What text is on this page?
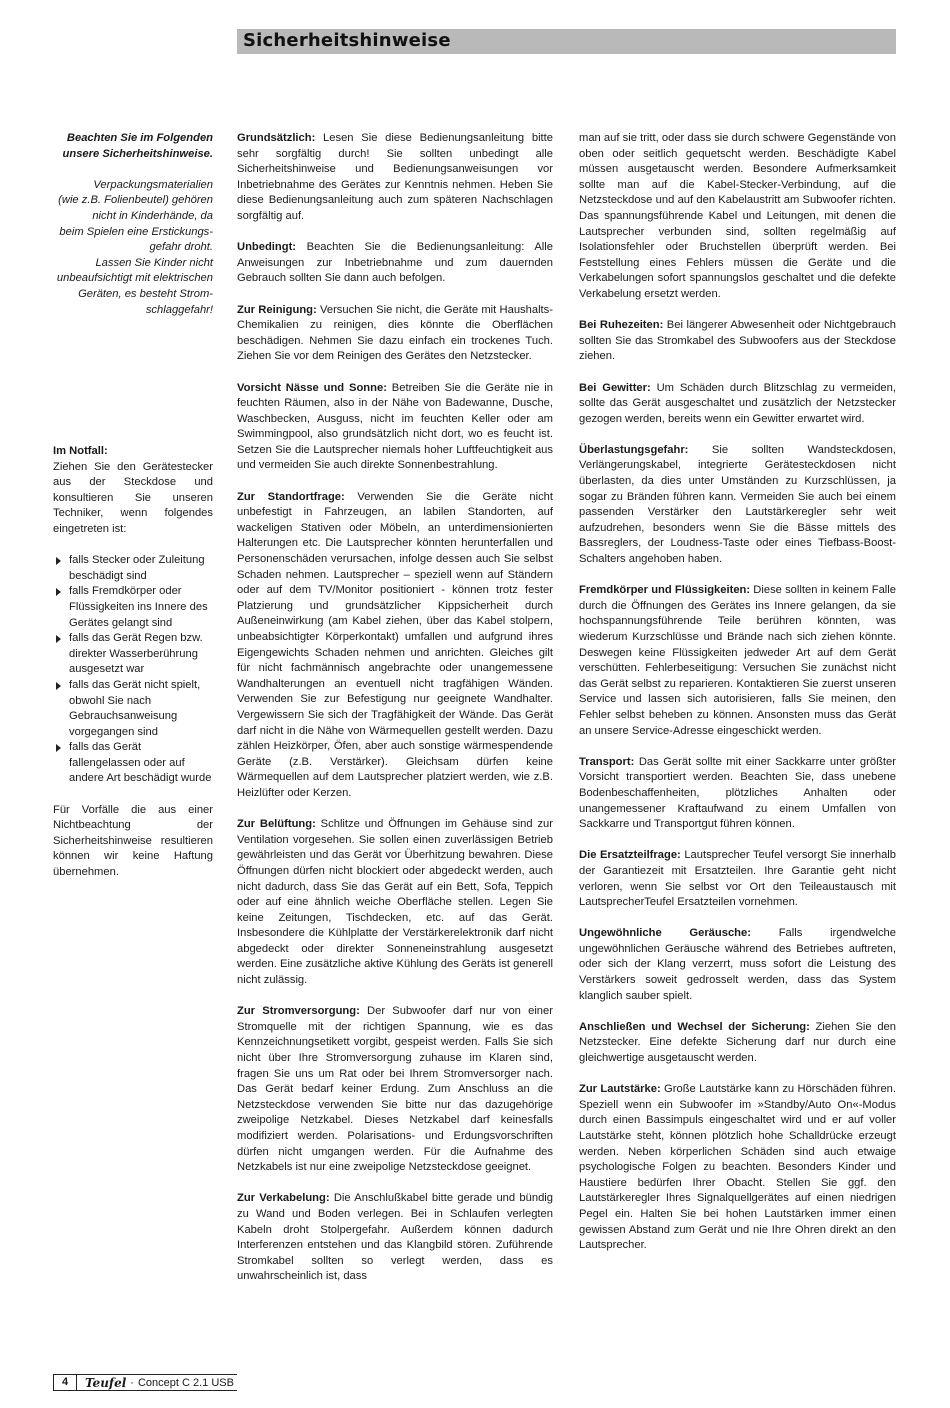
Sicherheitshinweise
Beachten Sie im Folgenden
unsere Sicherheitshinweise.
Verpackungsmaterialien
(wie z.B. Folienbeutel) gehören
nicht in Kinderhände, da
beim Spielen eine Erstickungs-
gefahr droht.
Lassen Sie Kinder nicht
unbeaufsichtigt mit elektrischen
Geräten, es besteht Strom-
schlaggefahr!
Im Notfall:

Ziehen Sie den Gerätestecker aus der Steckdose und konsultieren Sie unseren Techniker, wenn folgendes eingetreten ist:

falls Stecker oder Zuleitung beschädigt sind
falls Fremdkörper oder Flüssigkeiten ins Innere des Gerätes gelangt sind
falls das Gerät Regen bzw. direkter Wasserberührung ausgesetzt war
falls das Gerät nicht spielt, obwohl Sie nach Gebrauchsanweisung vorgegangen sind
falls das Gerät fallengelassen oder auf andere Art beschädigt wurde

Für Vorfälle die aus einer Nichtbeachtung der Sicherheitshinweise resultieren können wir keine Haftung übernehmen.

Grundsätzlich: Lesen Sie diese Bedienungsanleitung bitte sehr sorgfältig durch! Sie sollten unbedingt alle Sicherheitshinweise und Bedienungsanweisungen vor Inbetriebnahme des Gerätes zur Kenntnis nehmen. Heben Sie diese Bedienungsanleitung auch zum späteren Nachschlagen sorgfältig auf.

Unbedingt: Beachten Sie die Bedienungsanleitung: Alle Anweisungen zur Inbetriebnahme und zum dauernden Gebrauch sollten Sie dann auch befolgen.

Zur Reinigung: Versuchen Sie nicht, die Geräte mit Haushalts-Chemikalien zu reinigen, dies könnte die Oberflächen beschädigen. Nehmen Sie dazu einfach ein trockenes Tuch. Ziehen Sie vor dem Reinigen des Gerätes den Netzstecker.

Vorsicht Nässe und Sonne: Betreiben Sie die Geräte nie in feuchten Räumen, also in der Nähe von Badewanne, Dusche, Waschbecken, Ausguss, nicht im feuchten Keller oder am Swimmingpool, also grundsätzlich nicht dort, wo es feucht ist. Setzen Sie die Lautsprecher niemals hoher Luftfeuchtigkeit aus und vermeiden Sie auch direkte Sonnenbestrahlung.

Zur Standortfrage: Verwenden Sie die Geräte nicht unbefestigt in Fahrzeugen, an labilen Standorten, auf wackeligen Stativen oder Möbeln, an unterdimensionierten Halterungen etc. Die Lautsprecher könnten herunterfallen und Personenschäden verursachen, infolge dessen auch Sie selbst Schaden nehmen. Lautsprecher – speziell wenn auf Ständern oder auf dem TV/Monitor positioniert - können trotz fester Platzierung und grundsätzlicher Kippsicherheit durch Außeneinwirkung (am Kabel ziehen, über das Kabel stolpern, unbeabsichtigter Körperkontakt) umfallen und aufgrund ihres Eigengewichts Schaden nehmen und anrichten. Gleiches gilt für nicht fachmännisch angebrachte oder unangemessene Wandhalterungen an eventuell nicht tragfähigen Wänden. Verwenden Sie zur Befestigung nur geeignete Wandhalter. Vergewissern Sie sich der Tragfähigkeit der Wände. Das Gerät darf nicht in die Nähe von Wärmequellen gestellt werden. Dazu zählen Heizkörper, Öfen, aber auch sonstige wärmespendende Geräte (z.B. Verstärker). Gleichsam dürfen keine Wärmequellen auf dem Lautsprecher platziert werden, wie z.B. Heizlüfter oder Kerzen.

Zur Belüftung: Schlitze und Öffnungen im Gehäuse sind zur Ventilation vorgesehen. Sie sollen einen zuverlässigen Betrieb gewährleisten und das Gerät vor Überhitzung bewahren. Diese Öffnungen dürfen nicht blockiert oder abgedeckt werden, auch nicht dadurch, dass Sie das Gerät auf ein Bett, Sofa, Teppich oder auf eine ähnlich weiche Oberfläche stellen. Legen Sie keine Zeitungen, Tischdecken, etc. auf das Gerät. Insbesondere die Kühlplatte der Verstärkerelektronik darf nicht abgedeckt oder direkter Sonneneinstrahlung ausgesetzt werden. Eine zusätzliche aktive Kühlung des Geräts ist generell nicht zulässig.

Zur Stromversorgung: Der Subwoofer darf nur von einer Stromquelle mit der richtigen Spannung, wie es das Kennzeichnungsetikett vorgibt, gespeist werden. Falls Sie sich nicht über Ihre Stromversorgung zuhause im Klaren sind, fragen Sie uns um Rat oder bei Ihrem Stromversorger nach. Das Gerät bedarf keiner Erdung. Zum Anschluss an die Netzsteckdose verwenden Sie bitte nur das dazugehörige zweipolige Netzkabel. Dieses Netzkabel darf keinesfalls modifiziert werden. Polarisations- und Erdungsvorschriften dürfen nicht umgangen werden. Für die Aufnahme des Netzkabels ist nur eine zweipolige Netzsteckdose geeignet.

Zur Verkabelung: Die Anschlußkabel bitte gerade und bündig zu Wand und Boden verlegen. Bei in Schlaufen verlegten Kabeln droht Stolpergefahr. Außerdem können dadurch Interferenzen entstehen und das Klangbild stören. Zuführende Stromkabel sollten so verlegt werden, dass es unwahrscheinlich ist, dass

man auf sie tritt, oder dass sie durch schwere Gegenstände von oben oder seitlich gequetscht werden. Beschädigte Kabel müssen ausgetauscht werden. Besondere Aufmerksamkeit sollte man auf die Kabel-Stecker-Verbindung, auf die Netzsteckdose und auf den Kabelaustritt am Subwoofer richten. Das spannungsführende Kabel und Leitungen, mit denen die Lautsprecher verbunden sind, sollten regelmäßig auf Isolationsfehler oder Bruchstellen überprüft werden. Bei Feststellung eines Fehlers müssen die Geräte und die Verkabelungen sofort spannungslos geschaltet und die defekte Verkabelung ersetzt werden.

Bei Ruhezeiten: Bei längerer Abwesenheit oder Nichtgebrauch sollten Sie das Stromkabel des Subwoofers aus der Steckdose ziehen.

Bei Gewitter: Um Schäden durch Blitzschlag zu vermeiden, sollte das Gerät ausgeschaltet und zusätzlich der Netzstecker gezogen werden, bereits wenn ein Gewitter erwartet wird.

Überlastungsgefahr: Sie sollten Wandsteckdosen, Verlängerungskabel, integrierte Gerätesteckdosen nicht überlasten, da dies unter Umständen zu Kurzschlüssen, ja sogar zu Bränden führen kann. Vermeiden Sie auch bei einem passenden Verstärker den Lautstärkeregler sehr weit aufzudrehen, besonders wenn Sie die Bässe mittels des Bassreglers, der Loudness-Taste oder eines Tiefbass-Boost-Schalters angehoben haben.

Fremdkörper und Flüssigkeiten: Diese sollten in keinem Falle durch die Öffnungen des Gerätes ins Innere gelangen, da sie hochspannungsführende Teile berühren könnten, was wiederum Kurzschlüsse und Brände nach sich ziehen könnte. Deswegen keine Flüssigkeiten jedweder Art auf dem Gerät verschütten. Fehlerbeseitigung: Versuchen Sie zunächst nicht das Gerät selbst zu reparieren. Kontaktieren Sie zuerst unseren Service und lassen sich autorisieren, falls Sie meinen, den Fehler selbst beheben zu können. Ansonsten muss das Gerät an unsere Service-Adresse eingeschickt werden.

Transport: Das Gerät sollte mit einer Sackkarre unter größter Vorsicht transportiert werden. Beachten Sie, dass unebene Bodenbeschaffenheiten, plötzliches Anhalten oder unangemessener Kraftaufwand zu einem Umfallen von Sackkarre und Transportgut führen können.

Die Ersatzteilfrage: Lautsprecher Teufel versorgt Sie innerhalb der Garantiezeit mit Ersatzteilen. Ihre Garantie geht nicht verloren, wenn Sie selbst vor Ort den Teileaustausch mit LautsprecherTeufel Ersatzteilen vornehmen.

Ungewöhnliche Geräusche: Falls irgendwelche ungewöhnlichen Geräusche während des Betriebes auftreten, oder sich der Klang verzerrt, muss sofort die Leistung des Verstärkers soweit gedrosselt werden, dass das System klanglich sauber spielt.

Anschließen und Wechsel der Sicherung: Ziehen Sie den Netzstecker. Eine defekte Sicherung darf nur durch eine gleichwertige ausgetauscht werden.

Zur Lautstärke: Große Lautstärke kann zu Hörschäden führen. Speziell wenn ein Subwoofer im »Standby/Auto On«-Modus durch einen Bassimpuls eingeschaltet wird und er auf voller Lautstärke steht, können plötzlich hohe Schalldrücke erzeugt werden. Neben körperlichen Schäden sind auch etwaige psychologische Folgen zu beachten. Besonders Kinder und Haustiere bedürfen Ihrer Obacht. Stellen Sie ggf. den Lautstärkeregler Ihres Signalquellgerätes auf einen niedrigen Pegel ein. Halten Sie bei hohen Lautstärken immer einen gewissen Abstand zum Gerät und nie Ihre Ohren direkt an den Lautsprecher.

4	Teufel · Concept C 2.1 USB
